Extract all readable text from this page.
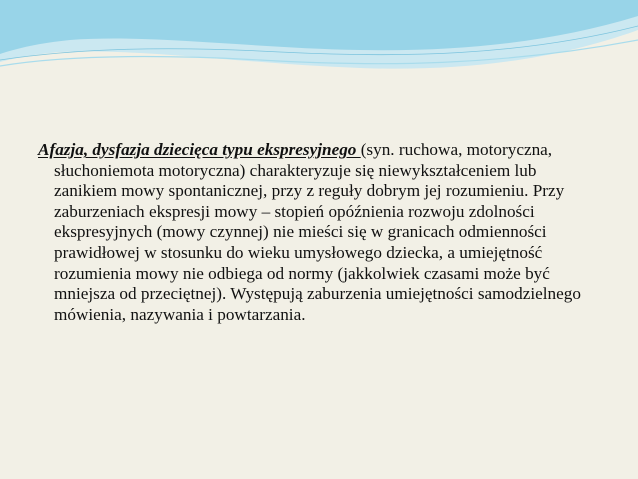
Afazja, dysfazja dziecięca typu ekspresyjnego (syn. ruchowa, motoryczna, słuchoniemota motoryczna) charakteryzuje się niewykształceniem lub zanikiem mowy spontanicznej, przy z reguły dobrym jej rozumieniu. Przy zaburzeniach ekspresji mowy – stopień opóźnienia rozwoju zdolności ekspresyjnych (mowy czynnej) nie mieści się w granicach odmienności prawidłowej w stosunku do wieku umysłowego dziecka, a umiejętność rozumienia mowy nie odbiega od normy (jakkolwiek czasami może być mniejsza od przeciętnej). Występują zaburzenia umiejętności samodzielnego mówienia, nazywania i powtarzania.
